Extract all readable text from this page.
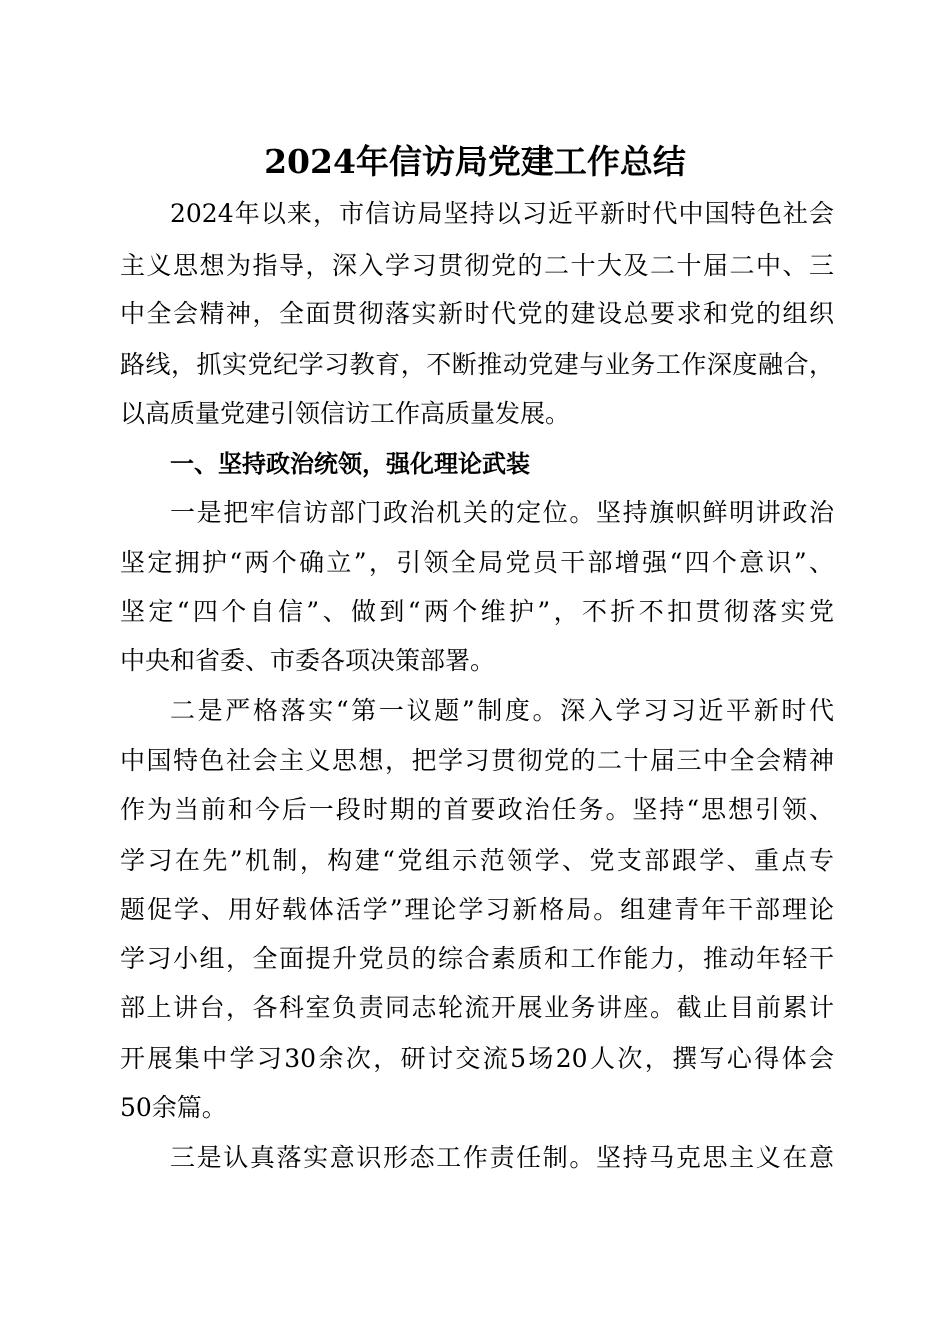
2024年信访局党建工作总结
2024年以来，市信访局坚持以习近平新时代中国特色社会
主义思想为指导，深入学习贯彻党的二十大及二十届二中、三
中全会精神，全面贯彻落实新时代党的建设总要求和党的组织
路线，抓实党纪学习教育，不断推动党建与业务工作深度融合，
以高质量党建引领信访工作高质量发展。
一、坚持政治统领，强化理论武装
一是把牢信访部门政治机关的定位。坚持旗帜鲜明讲政治
坚定拥护“两个确立”，引领全局党员干部增强“四个意识”、
坚定“四个自信”、做到“两个维护”，不折不扣贯彻落实党
中央和省委、市委各项决策部署。
二是严格落实“第一议题”制度。深入学习习近平新时代
中国特色社会主义思想，把学习贯彻党的二十届三中全会精神
作为当前和今后一段时期的首要政治任务。坚持“思想引领、
学习在先”机制，构建“党组示范领学、党支部跟学、重点专
题促学、用好载体活学”理论学习新格局。组建青年干部理论
学习小组，全面提升党员的综合素质和工作能力，推动年轻干
部上讲台，各科室负责同志轮流开展业务讲座。截止目前累计
开展集中学习30余次，研讨交流5场20人次，撰写心得体会
50余篇。
三是认真落实意识形态工作责任制。坚持马克思主义在意
